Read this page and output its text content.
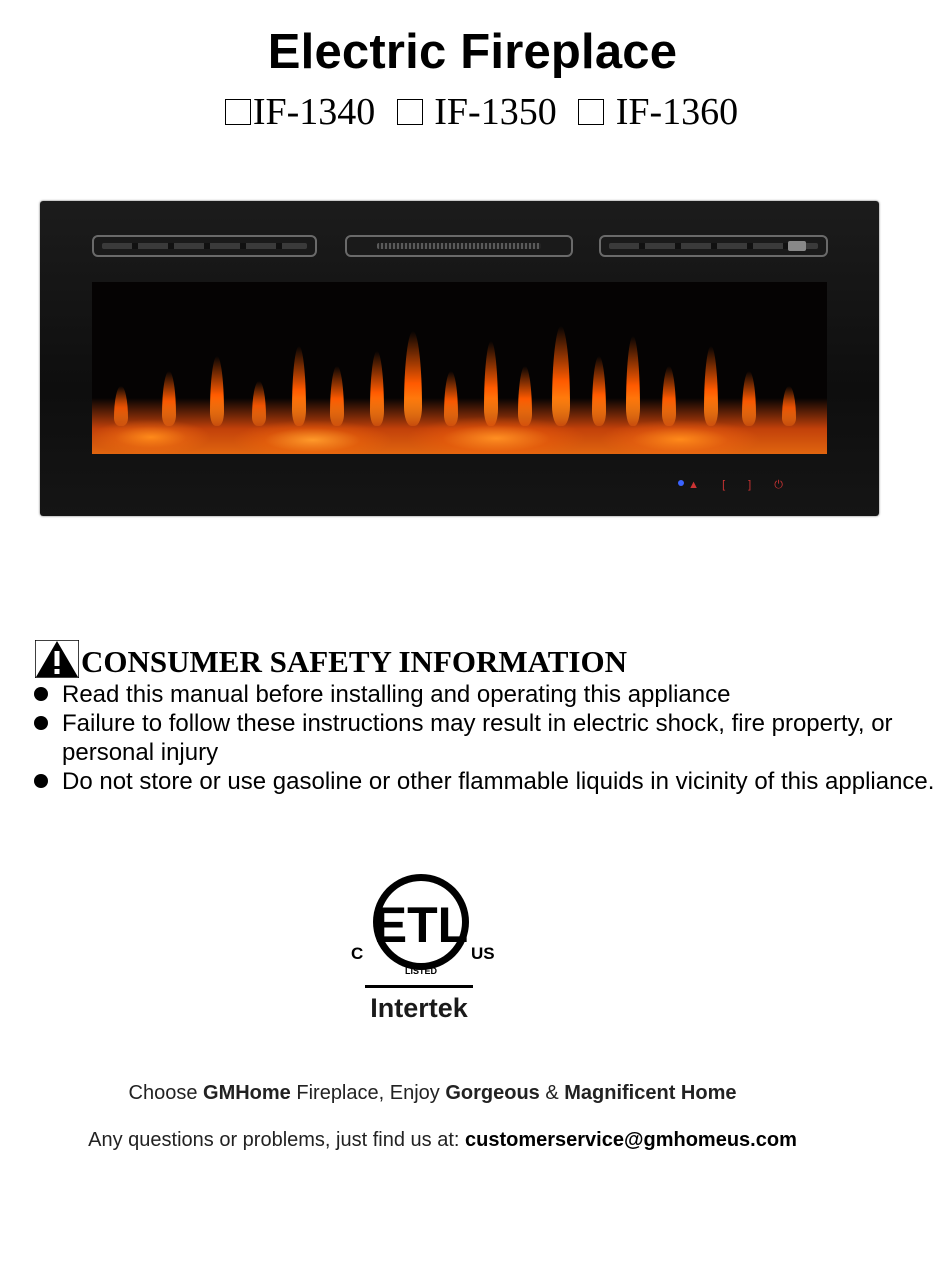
Electric Fireplace
IF-1340 IF-1350 IF-1360
▲ [ ] ⏻
CONSUMER SAFETY INFORMATION
Read this manual before installing and operating this appliance
Failure to follow these instructions may result in electric shock, fire property, or personal injury
Do not store or use gasoline or other flammable liquids in vicinity of this appliance.
ETL
C	US
LISTED
Intertek
Choose GMHome Fireplace, Enjoy Gorgeous & Magnificent Home
Any questions or problems, just find us at: customerservice@gmhomeus.com
